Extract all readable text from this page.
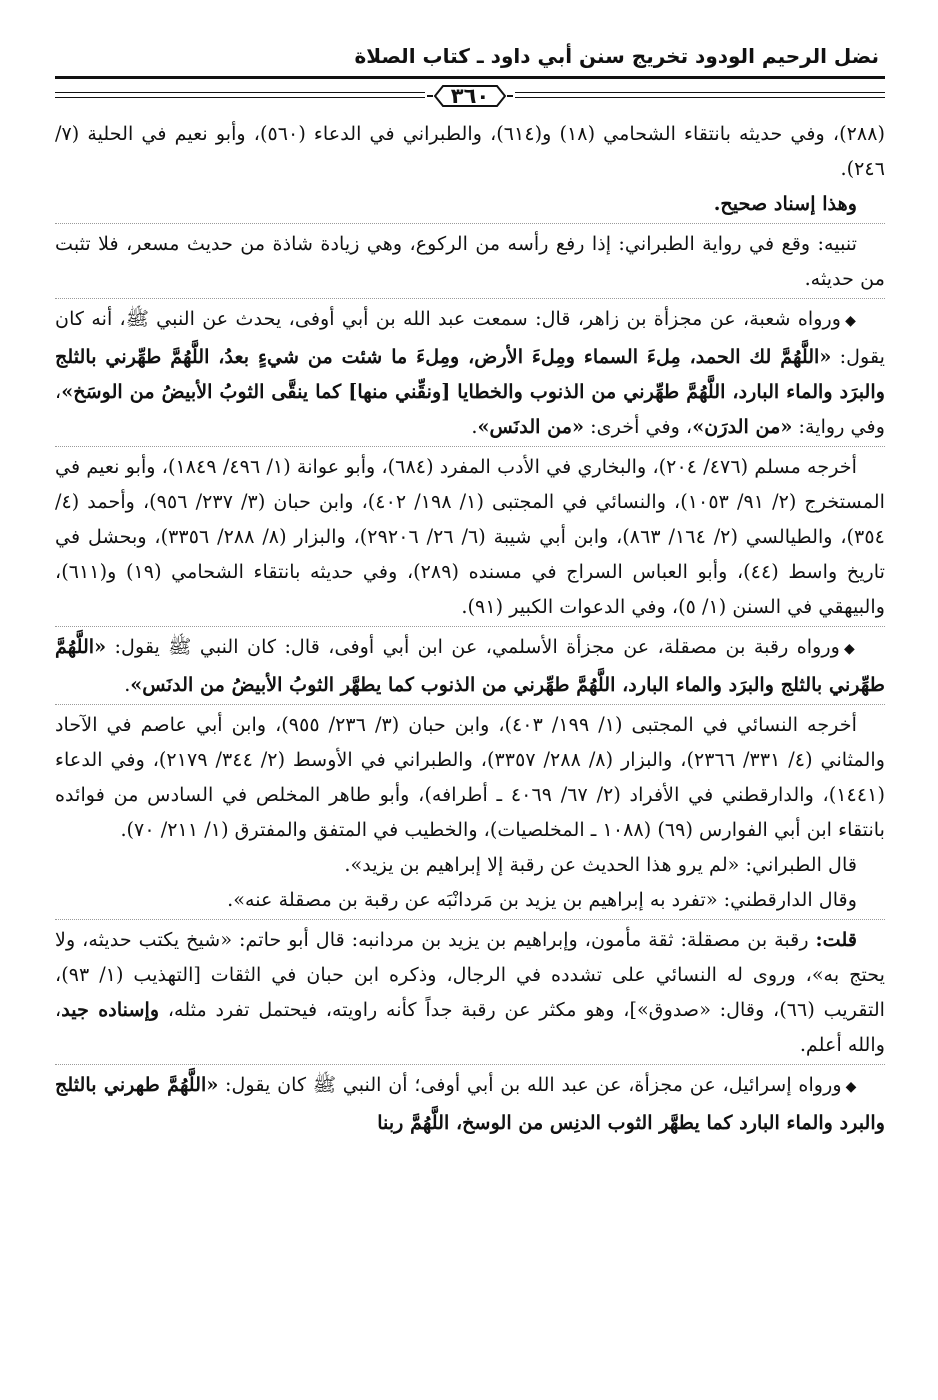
نضل الرحيم الودود تخريج سنن أبي داود ـ كتاب الصلاة
٣٦٠

(٢٨٨)، وفي حديثه بانتقاء الشحامي (١٨) و(٦١٤)، والطبراني في الدعاء (٥٦٠)، وأبو نعيم في الحلية (٧/ ٢٤٦).

وهذا إسناد صحيح.

تنبيه: وقع في رواية الطبراني: إذا رفع رأسه من الركوع، وهي زيادة شاذة من حديث مسعر، فلا تثبت من حديثه.

◆ورواه شعبة، عن مجزأة بن زاهر، قال: سمعت عبد الله بن أبي أوفى، يحدث عن النبي ﷺ، أنه كان يقول: «اللَّهُمَّ لك الحمد، مِلءَ السماء ومِلءَ الأرض، ومِلءَ ما شئت من شيءٍ بعدُ، اللَّهُمَّ طهِّرني بالثلج والبرَد والماء البارد، اللَّهُمَّ طهِّرني من الذنوب والخطايا [ونقِّني منها] كما ينقَّى الثوبُ الأبيضُ من الوسَخ»، وفي رواية: «من الدرَن»، وفي أخرى: «من الدنَس».

أخرجه مسلم (٤٧٦/ ٢٠٤)، والبخاري في الأدب المفرد (٦٨٤)، وأبو عوانة (١/ ٤٩٦/ ١٨٤٩)، وأبو نعيم في المستخرج (٢/ ٩١/ ١٠٥٣)، والنسائي في المجتبى (١/ ١٩٨/ ٤٠٢)، وابن حبان (٣/ ٢٣٧/ ٩٥٦)، وأحمد (٤/ ٣٥٤)، والطيالسي (٢/ ١٦٤/ ٨٦٣)، وابن أبي شيبة (٦/ ٢٦/ ٢٩٢٠٦)، والبزار (٨/ ٢٨٨/ ٣٣٥٦)، وبحشل في تاريخ واسط (٤٤)، وأبو العباس السراج في مسنده (٢٨٩)، وفي حديثه بانتقاء الشحامي (١٩) و(٦١١)، والبيهقي في السنن (١/ ٥)، وفي الدعوات الكبير (٩١).

◆ورواه رقبة بن مصقلة، عن مجزأة الأسلمي، عن ابن أبي أوفى، قال: كان النبي ﷺ يقول: «اللَّهُمَّ طهِّرني بالثلج والبرَد والماء البارد، اللَّهُمَّ طهِّرني من الذنوب كما يطهَّر الثوبُ الأبيضُ من الدنَس».

أخرجه النسائي في المجتبى (١/ ١٩٩/ ٤٠٣)، وابن حبان (٣/ ٢٣٦/ ٩٥٥)، وابن أبي عاصم في الآحاد والمثاني (٤/ ٣٣١/ ٢٣٦٦)، والبزار (٨/ ٢٨٨/ ٣٣٥٧)، والطبراني في الأوسط (٢/ ٣٤٤/ ٢١٧٩)، وفي الدعاء (١٤٤١)، والدارقطني في الأفراد (٢/ ٦٧/ ٤٠٦٩ ـ أطرافه)، وأبو طاهر المخلص في السادس من فوائده بانتقاء ابن أبي الفوارس (٦٩) (١٠٨٨ ـ المخلصيات)، والخطيب في المتفق والمفترق (١/ ٢١١/ ٧٠).

قال الطبراني: «لم يرو هذا الحديث عن رقبة إلا إبراهيم بن يزيد».

وقال الدارقطني: «تفرد به إبراهيم بن يزيد بن مَردانْبَه عن رقبة بن مصقلة عنه».

قلت: رقبة بن مصقلة: ثقة مأمون، وإبراهيم بن يزيد بن مردانبه: قال أبو حاتم: «شيخ يكتب حديثه، ولا يحتج به»، وروى له النسائي على تشدده في الرجال، وذكره ابن حبان في الثقات [التهذيب (١/ ٩٣)، التقريب (٦٦)، وقال: «صدوق»]، وهو مكثر عن رقبة جداً كأنه راويته، فيحتمل تفرد مثله، وإسناده جيد، والله أعلم.

◆ورواه إسرائيل، عن مجزأة، عن عبد الله بن أبي أوفى؛ أن النبي ﷺ كان يقول: «اللَّهُمَّ طهرني بالثلج والبرد والماء البارد كما يطهَّر الثوب الدنِس من الوسخ، اللَّهُمَّ ربنا
